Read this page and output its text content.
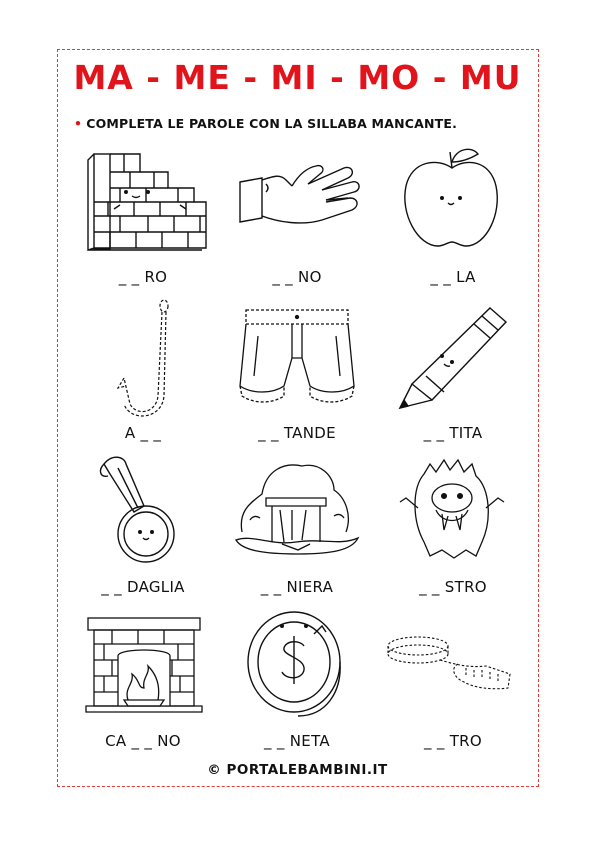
MA - ME - MI - MO - MU
• COMPLETA LE PAROLE CON LA SILLABA MANCANTE.
_ _ RO	_ _ NO	_ _ LA
A _ _	_ _ TANDE	_ _ TITA
_ _ DAGLIA	_ _ NIERA	_ _ STRO
CA _ _ NO	_ _ NETA	_ _ TRO
© PORTALEBAMBINI.IT
